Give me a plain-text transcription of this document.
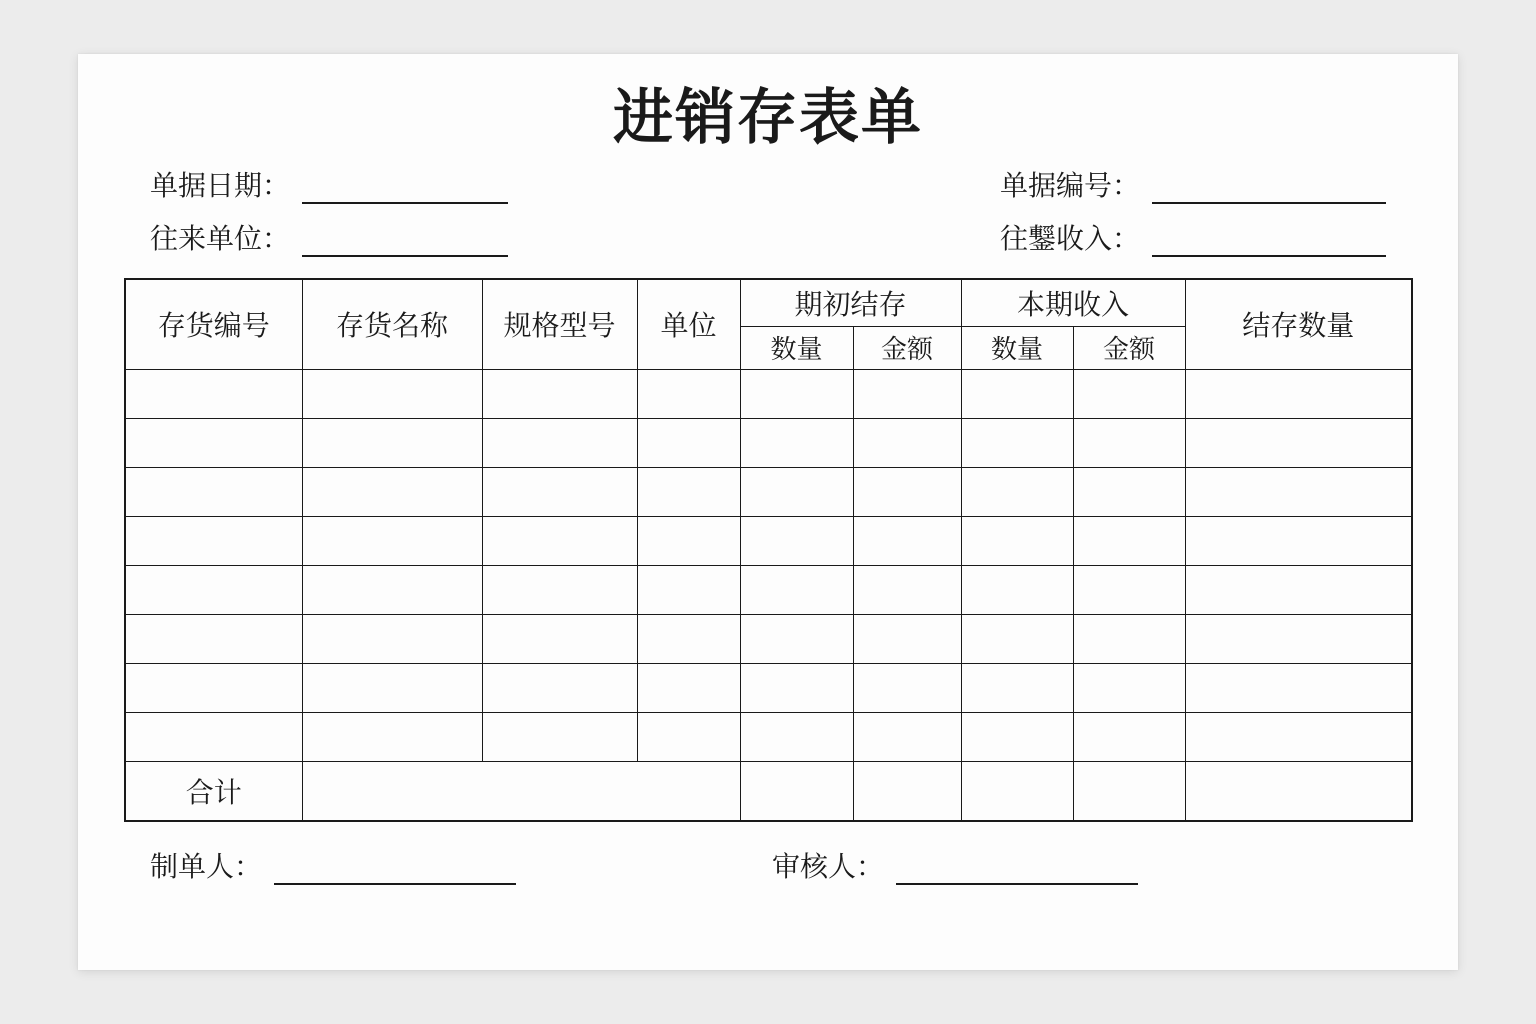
进销存表单
单据日期：	单据编号：
往来单位：	往鑋收入：
存货编号	存货名称	规格型号	单位	期初结存		本期收入		结存数量
				数量	金额	数量	金额	

合计								
制单人：	审核人：
